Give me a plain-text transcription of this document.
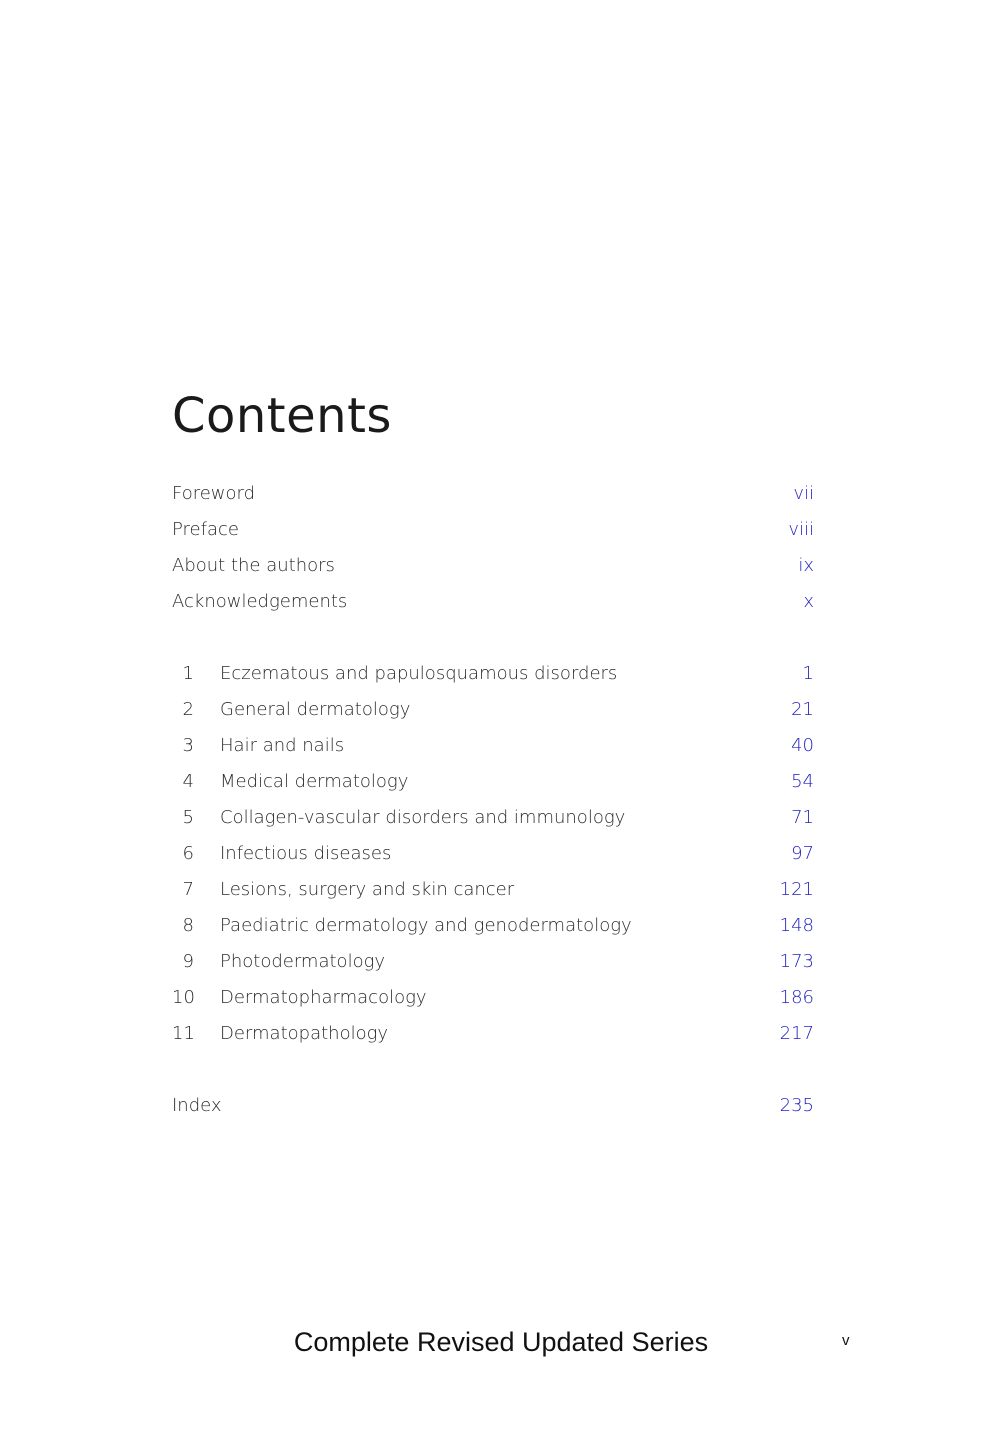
Contents
Foreword	vii
Preface	viii
About the authors	ix
Acknowledgements	x
1 Eczematous and papulosquamous disorders	1
2 General dermatology	21
3 Hair and nails	40
4 Medical dermatology	54
5 Collagen-vascular disorders and immunology	71
6 Infectious diseases	97
7 Lesions, surgery and skin cancer	121
8 Paediatric dermatology and genodermatology	148
9 Photodermatology	173
10 Dermatopharmacology	186
11 Dermatopathology	217
Index	235
Complete Revised Updated Series	v
